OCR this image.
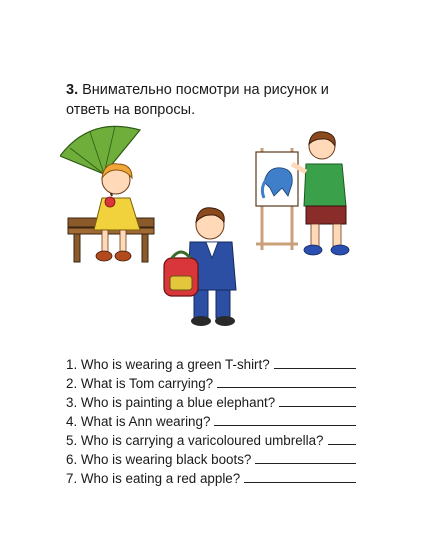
3. Внимательно посмотри на рисунок и ответь на вопросы.
1. Who is wearing a green T-shirt?
2. What is Tom carrying?
3. Who is painting a blue elephant?
4. What is Ann wearing?
5. Who is carrying a varicoloured umbrella?
6. Who is wearing black boots?
7. Who is eating a red apple?
